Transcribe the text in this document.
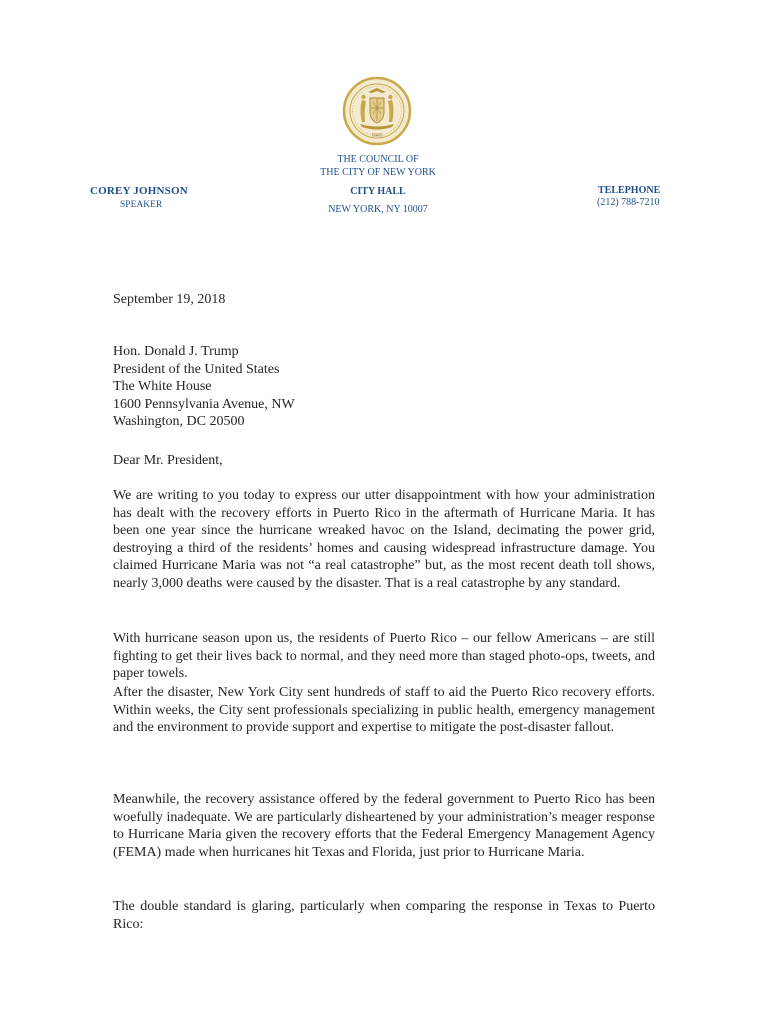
1665
THE COUNCIL OF
THE CITY OF NEW YORK
CITY HALL
NEW YORK, NY 10007
COREY JOHNSON
SPEAKER
TELEPHONE
(212) 788-7210
September 19, 2018
Hon. Donald J. Trump
President of the United States
The White House
1600 Pennsylvania Avenue, NW
Washington, DC 20500
Dear Mr. President,
We are writing to you today to express our utter disappointment with how your administration has dealt with the recovery efforts in Puerto Rico in the aftermath of Hurricane Maria. It has been one year since the hurricane wreaked havoc on the Island, decimating the power grid, destroying a third of the residents’ homes and causing widespread infrastructure damage. You claimed Hurricane Maria was not “a real catastrophe” but, as the most recent death toll shows, nearly 3,000 deaths were caused by the disaster. That is a real catastrophe by any standard.
With hurricane season upon us, the residents of Puerto Rico – our fellow Americans – are still fighting to get their lives back to normal, and they need more than staged photo-ops, tweets, and paper towels.
After the disaster, New York City sent hundreds of staff to aid the Puerto Rico recovery efforts. Within weeks, the City sent professionals specializing in public health, emergency management and the environment to provide support and expertise to mitigate the post-disaster fallout.
Meanwhile, the recovery assistance offered by the federal government to Puerto Rico has been woefully inadequate. We are particularly disheartened by your administration’s meager response to Hurricane Maria given the recovery efforts that the Federal Emergency Management Agency (FEMA) made when hurricanes hit Texas and Florida, just prior to Hurricane Maria.
The double standard is glaring, particularly when comparing the response in Texas to Puerto Rico:
